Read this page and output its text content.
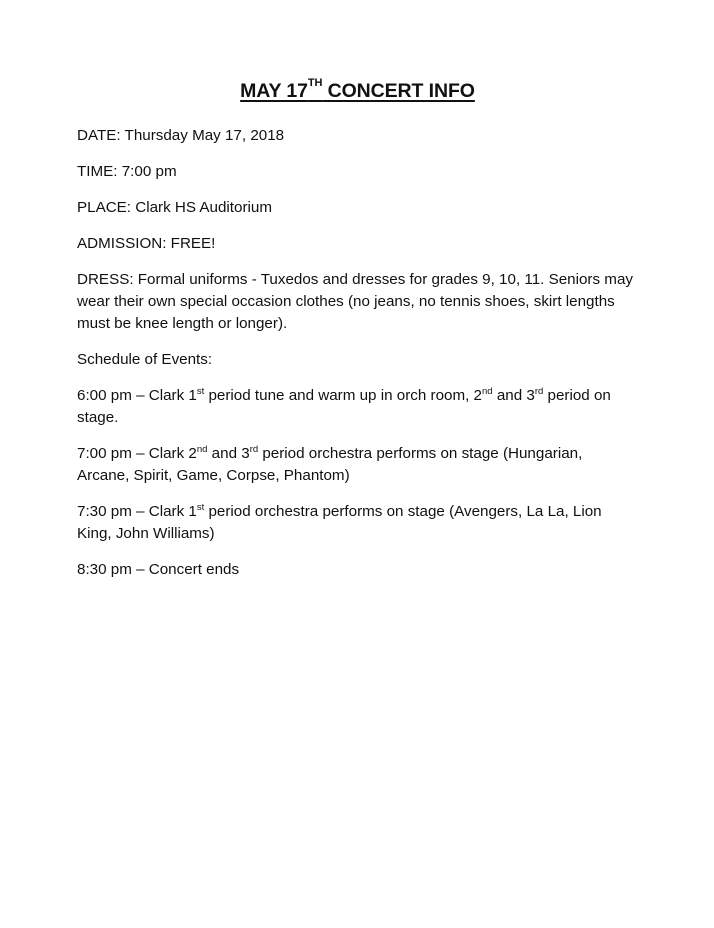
MAY 17TH CONCERT INFO

DATE: Thursday May 17, 2018

TIME: 7:00 pm

PLACE: Clark HS Auditorium

ADMISSION: FREE!

DRESS: Formal uniforms - Tuxedos and dresses for grades 9, 10, 11. Seniors may wear their own special occasion clothes (no jeans, no tennis shoes, skirt lengths must be knee length or longer).

Schedule of Events:

6:00 pm – Clark 1st period tune and warm up in orch room, 2nd and 3rd period on stage.

7:00 pm – Clark 2nd and 3rd period orchestra performs on stage (Hungarian, Arcane, Spirit, Game, Corpse, Phantom)

7:30 pm – Clark 1st period orchestra performs on stage (Avengers, La La, Lion King, John Williams)

8:30 pm – Concert ends
